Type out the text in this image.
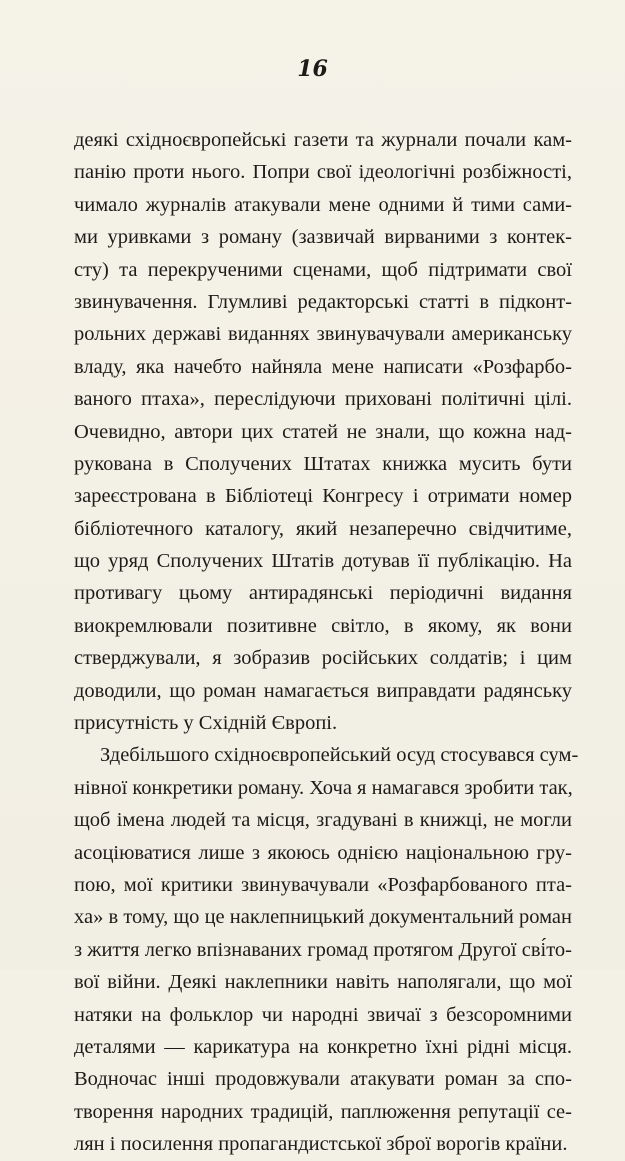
16
деякі східноєвропейські газети та журнали почали кам-
панію проти нього. Попри свої ідеологічні розбіжності,
чимало журналів атакували мене одними й тими сами-
ми уривками з роману (зазвичай вирваними з контек-
сту) та перекрученими сценами, щоб підтримати свої
звинувачення. Глумливі редакторські статті в підконт-
рольних державі виданнях звинувачували американську
владу, яка начебто найняла мене написати «Розфарбо-
ваного птаха», переслідуючи приховані політичні цілі.
Очевидно, автори цих статей не знали, що кожна над-
рукована в Сполучених Штатах книжка мусить бути
зареєстрована в Бібліотеці Конгресу і отримати номер
бібліотечного каталогу, який незаперечно свідчитиме,
що уряд Сполучених Штатів дотував її публікацію. На
противагу цьому антирадянські періодичні видання
виокремлювали позитивне світло, в якому, як вони
стверджували, я зобразив російських солдатів; і цим
доводили, що роман намагається виправдати радянську
присутність у Східній Європі.
Здебільшого східноєвропейський осуд стосувався сум-
нівної конкретики роману. Хоча я намагався зробити так,
щоб імена людей та місця, згадувані в книжці, не могли
асоціюватися лише з якоюсь однією національною гру-
пою, мої критики звинувачували «Розфарбованого пта-
ха» в тому, що це наклепницький документальний роман
з життя легко впізнаваних громад протягом Другої сві́то-
вої війни. Деякі наклепники навіть наполягали, що мої
натяки на фольклор чи народні звичаї з безсоромними
деталями — карикатура на конкретно їхні рідні місця.
Водночас інші продовжували атакувати роман за спо-
творення народних традицій, паплюження репутації се-
лян і посилення пропагандистської зброї ворогів країни.
